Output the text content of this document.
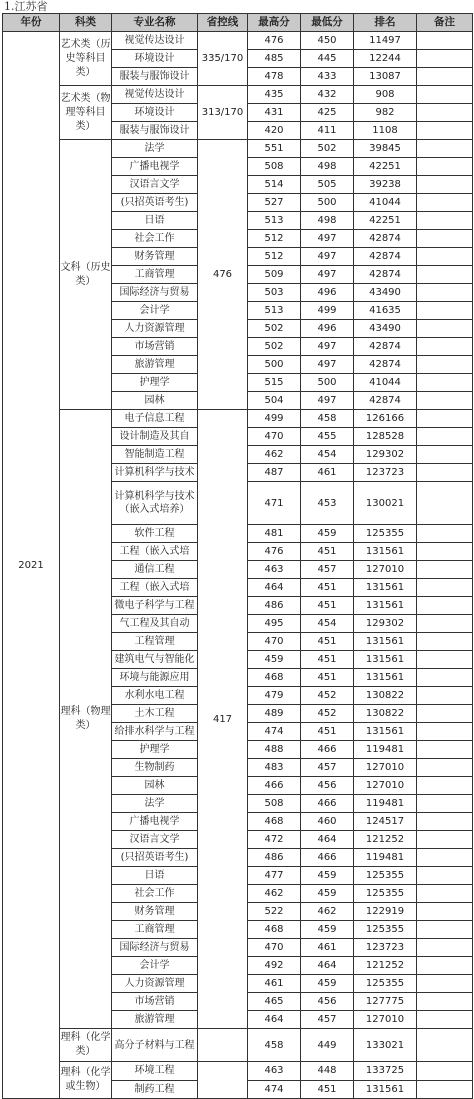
1.江苏省
年份	科类	专业名称	省控线	最高分	最低分	排名	备注
2021	艺术类（历史等科目类）	视觉传达设计	335/170	476	450	11497	
		环境设计		485	445	12244	
		服装与服饰设计		478	433	13087	
	艺术类（物理等科目类）	视觉传达设计	313/170	435	432	908	
		环境设计		431	425	982	
		服装与服饰设计		420	411	1108	
	文科（历史类）	法学	476	551	502	39845	
		广播电视学		508	498	42251	
		汉语言文学		514	505	39238	
		(只招英语考生)		527	500	41044	
		日语		513	498	42251	
		社会工作		512	497	42874	
		财务管理		512	497	42874	
		工商管理		509	497	42874	
		国际经济与贸易		503	496	43490	
		会计学		513	499	41635	
		人力资源管理		502	496	43490	
		市场营销		502	497	42874	
		旅游管理		500	497	42874	
		护理学		515	500	41044	
		园林		504	497	42874	
	理科（物理类）	电子信息工程	417	499	458	126166	
		设计制造及其自		470	455	128528	
		智能制造工程		462	454	129302	
		计算机科学与技术		487	461	123723	
		计算机科学与技术（嵌入式培养）		471	453	130021	
		软件工程		481	459	125355	
		工程（嵌入式培		476	451	131561	
		通信工程		463	457	127010	
		工程（嵌入式培		464	451	131561	
		微电子科学与工程		486	451	131561	
		气工程及其自动		495	454	129302	
		工程管理		470	451	131561	
		建筑电气与智能化		459	451	131561	
		环境与能源应用		468	451	131561	
		水利水电工程		479	452	130822	
		土木工程		489	452	130822	
		给排水科学与工程		474	451	131561	
		护理学		488	466	119481	
		生物制药		483	457	127010	
		园林		466	456	127010	
		法学		508	466	119481	
		广播电视学		468	460	124517	
		汉语言文学		472	464	121252	
		(只招英语考生)		486	466	119481	
		日语		477	459	125355	
		社会工作		462	459	125355	
		财务管理		522	462	122919	
		工商管理		468	459	125355	
		国际经济与贸易		470	461	123723	
		会计学		492	464	121252	
		人力资源管理		461	459	125355	
		市场营销		465	456	127775	
		旅游管理		464	457	127010	
	理科（化学类）	高分子材料与工程		458	449	133021	
	理科（化学或生物）	环境工程		463	448	133725	
		制药工程		474	451	131561	
